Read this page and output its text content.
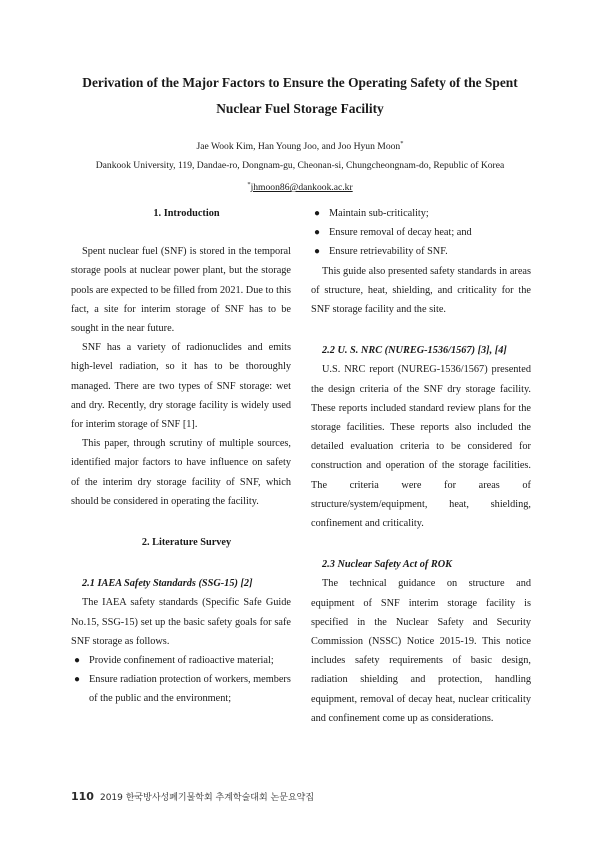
Derivation of the Major Factors to Ensure the Operating Safety of the Spent Nuclear Fuel Storage Facility
Jae Wook Kim, Han Young Joo, and Joo Hyun Moon*
Dankook University, 119, Dandae-ro, Dongnam-gu, Cheonan-si, Chungcheongnam-do, Republic of Korea
*jhmoon86@dankook.ac.kr

1. Introduction

Spent nuclear fuel (SNF) is stored in the temporal storage pools at nuclear power plant, but the storage pools are expected to be filled from 2021. Due to this fact, a site for interim storage of SNF has to be sought in the near future.

SNF has a variety of radionuclides and emits high-level radiation, so it has to be thoroughly managed. There are two types of SNF storage: wet and dry. Recently, dry storage facility is widely used for interim storage of SNF [1].

This paper, through scrutiny of multiple sources, identified major factors to have influence on safety of the interim dry storage facility of SNF, which should be considered in operating the facility.

2. Literature Survey

2.1 IAEA Safety Standards (SSG-15) [2]

The IAEA safety standards (Specific Safe Guide No.15, SSG-15) set up the basic safety goals for safe SNF storage as follows.

● Provide confinement of radioactive material;
● Ensure radiation protection of workers, members of the public and the environment;
● Maintain sub-criticality;
● Ensure removal of decay heat; and
● Ensure retrievability of SNF.

This guide also presented safety standards in areas of structure, heat, shielding, and criticality for the SNF storage facility and the site.

2.2 U. S. NRC (NUREG-1536/1567) [3], [4]

U.S. NRC report (NUREG-1536/1567) presented the design criteria of the SNF dry storage facility. These reports included standard review plans for the storage facilities. These reports also included the detailed evaluation criteria to be considered for construction and operation of the storage facilities. The criteria were for areas of structure/system/equipment, heat, shielding, confinement and criticality.

2.3 Nuclear Safety Act of ROK

The technical guidance on structure and equipment of SNF interim storage facility is specified in the Nuclear Safety and Security Commission (NSSC) Notice 2015-19. This notice includes safety requirements of basic design, radiation shielding and protection, handling equipment, removal of decay heat, nuclear criticality and confinement come up as considerations.

110 2019 한국방사성폐기물학회 추계학술대회 논문요약집
